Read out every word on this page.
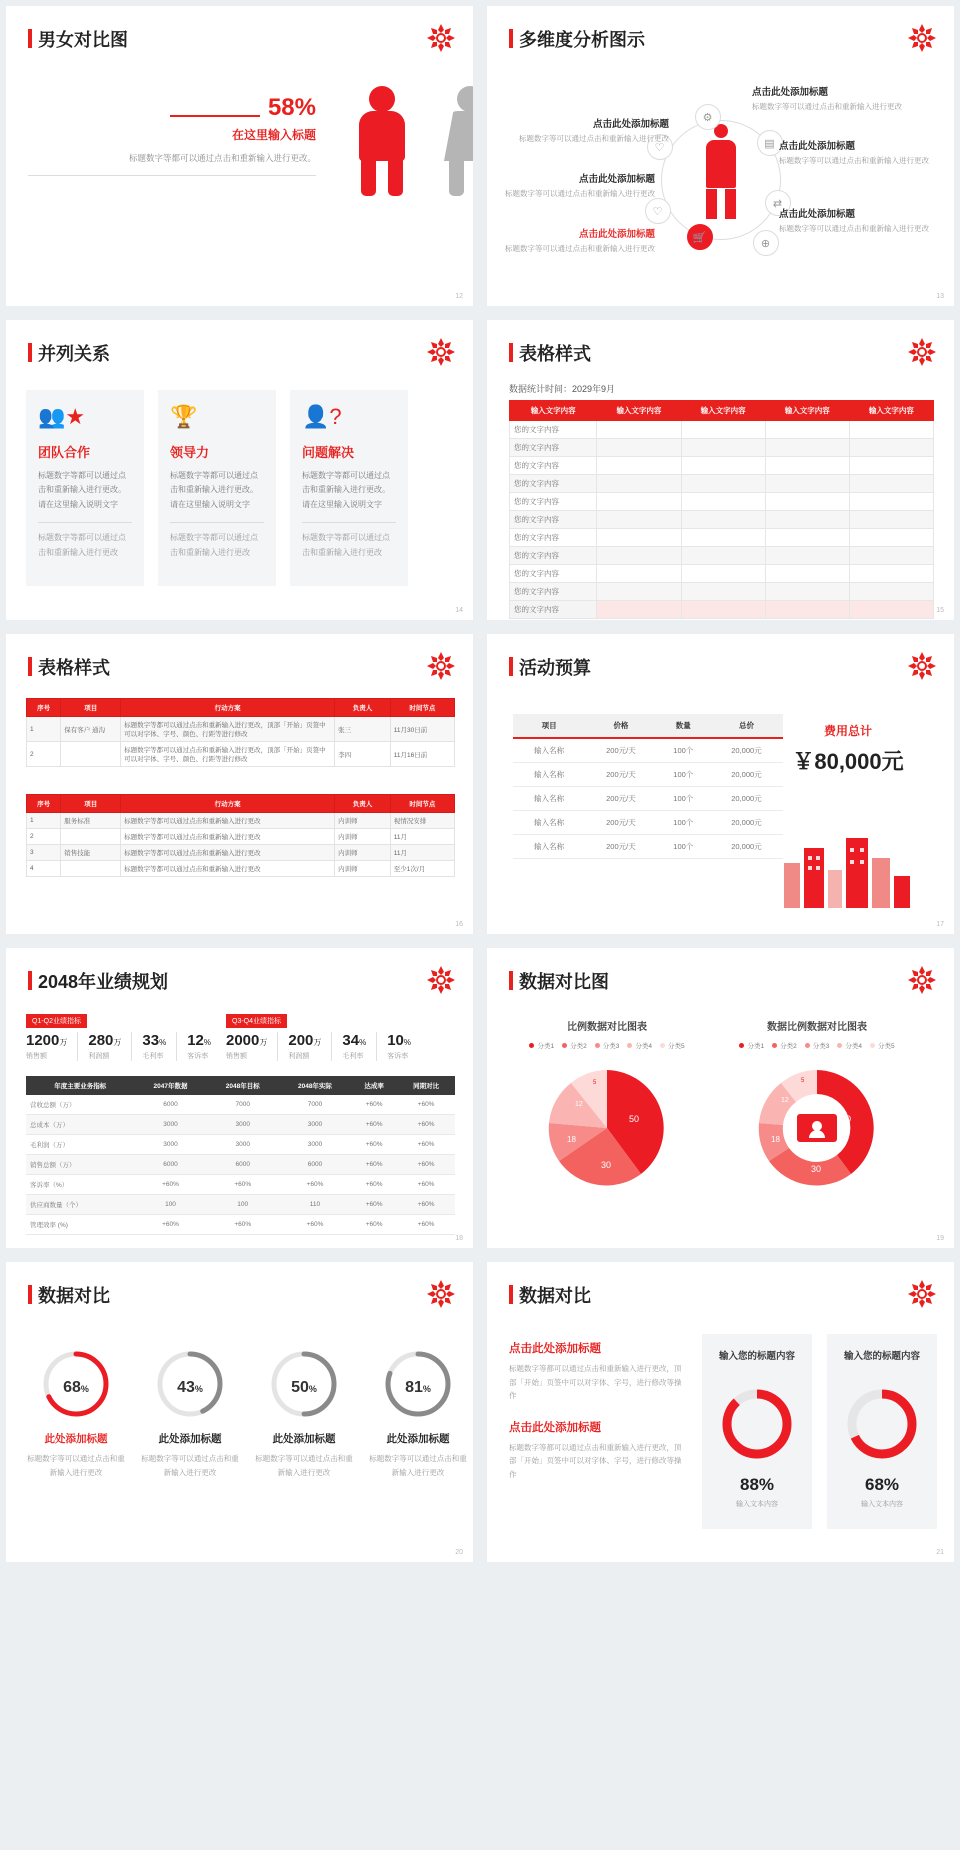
男女对比图
58%
在这里输入标题
标题数字等都可以通过点击和重新输入进行更改。
12
多维度分析图示
♡
⚙
▤
⇄
♡
🛒	⊕
点击此处添加标题
标题数字等可以通过点击和重新输入进行更改
点击此处添加标题
标题数字等可以通过点击和重新输入进行更改
点击此处添加标题
标题数字等可以通过点击和重新输入进行更改
点击此处添加标题
标题数字等可以通过点击和重新输入进行更改
点击此处添加标题
标题数字等可以通过点击和重新输入进行更改
点击此处添加标题
标题数字等可以通过点击和重新输入进行更改
13
并列关系
👥★
团队合作
标题数字等都可以通过点击和重新输入进行更改。请在这里输入说明文字
标题数字等都可以通过点击和重新输入进行更改
🏆
领导力
标题数字等都可以通过点击和重新输入进行更改。请在这里输入说明文字
标题数字等都可以通过点击和重新输入进行更改
👤?
问题解决
标题数字等都可以通过点击和重新输入进行更改。请在这里输入说明文字
标题数字等都可以通过点击和重新输入进行更改
14
表格样式
数据统计时间：2029年9月
输入文字内容	输入文字内容	输入文字内容	输入文字内容	输入文字内容
您的文字内容				
您的文字内容				
您的文字内容				
您的文字内容				
您的文字内容				
您的文字内容				
您的文字内容				
您的文字内容				
您的文字内容				
您的文字内容				
您的文字内容					15
表格样式
序号	项目	行动方案	负责人	时间节点
1	保有客户 通沟	标题数字等都可以通过点击和重新输入进行更改，顶部「开始」页签中可以对字体、字号、颜色、行距等进行修改	张三	11月30日前
2		标题数字等都可以通过点击和重新输入进行更改，顶部「开始」页签中可以对字体、字号、颜色、行距等进行修改	李四	11月16日前
序号	项目	行动方案	负责人	时间节点
1	服务标准	标题数字等都可以通过点击和重新输入进行更改	内训师	视情况安排
2		标题数字等都可以通过点击和重新输入进行更改	内训师	11月
3	销售技能	标题数字等都可以通过点击和重新输入进行更改	内训师	11月
4		标题数字等都可以通过点击和重新输入进行更改	内训师	至少1次/月
16
活动预算
项目	价格	数量	总价
输入名称	200元/天	100个	20,000元
输入名称	200元/天	100个	20,000元
输入名称	200元/天	100个	20,000元
输入名称	200元/天	100个	20,000元
输入名称	200元/天	100个	20,000元
费用总计
￥80,000元
17
2048年业绩规划
Q1-Q2业绩指标
1200万
销售额
280万
利润额
33%
毛利率
12%
客诉率
Q3-Q4业绩指标
2000万
销售额
200万
利润额
34%
毛利率
10%
客诉率
年度主要业务指标	2047年数据	2048年目标	2048年实际	达成率	同期对比
营收总额（万）	6000	7000	7000	+60%	+60%
总成本（万）	3000	3000	3000	+60%	+60%
毛利润（万）	3000	3000	3000	+60%	+60%
销售总额（万）	6000	6000	6000	+60%	+60%
客诉率（%）	+60%	+60%	+60%	+60%	+60%
供应商数量（个）	100	100	110	+60%	+60%
管理效率 (%)	+60%	+60%	+60%	+60%	+60%
18
数据对比图
比例数据对比图表
分类1 分类2 分类3 分类4 分类5
50
30
18
12
5
数据比例数据对比图表
分类1 分类2 分类3 分类4 分类5
50
30
18
12
5
19
数据对比
68%
此处添加标题
标题数字等可以通过点击和重新输入进行更改
43%
此处添加标题
标题数字等可以通过点击和重新输入进行更改
50%
此处添加标题
标题数字等可以通过点击和重新输入进行更改
81%
此处添加标题
标题数字等可以通过点击和重新输入进行更改
20
数据对比
点击此处添加标题
标题数字等都可以通过点击和重新输入进行更改，顶部「开始」页签中可以对字体、字号，进行修改等操作
点击此处添加标题
标题数字等都可以通过点击和重新输入进行更改，顶部「开始」页签中可以对字体、字号，进行修改等操作
输入您的标题内容
88%
输入文本内容
输入您的标题内容
68%
输入文本内容
21
